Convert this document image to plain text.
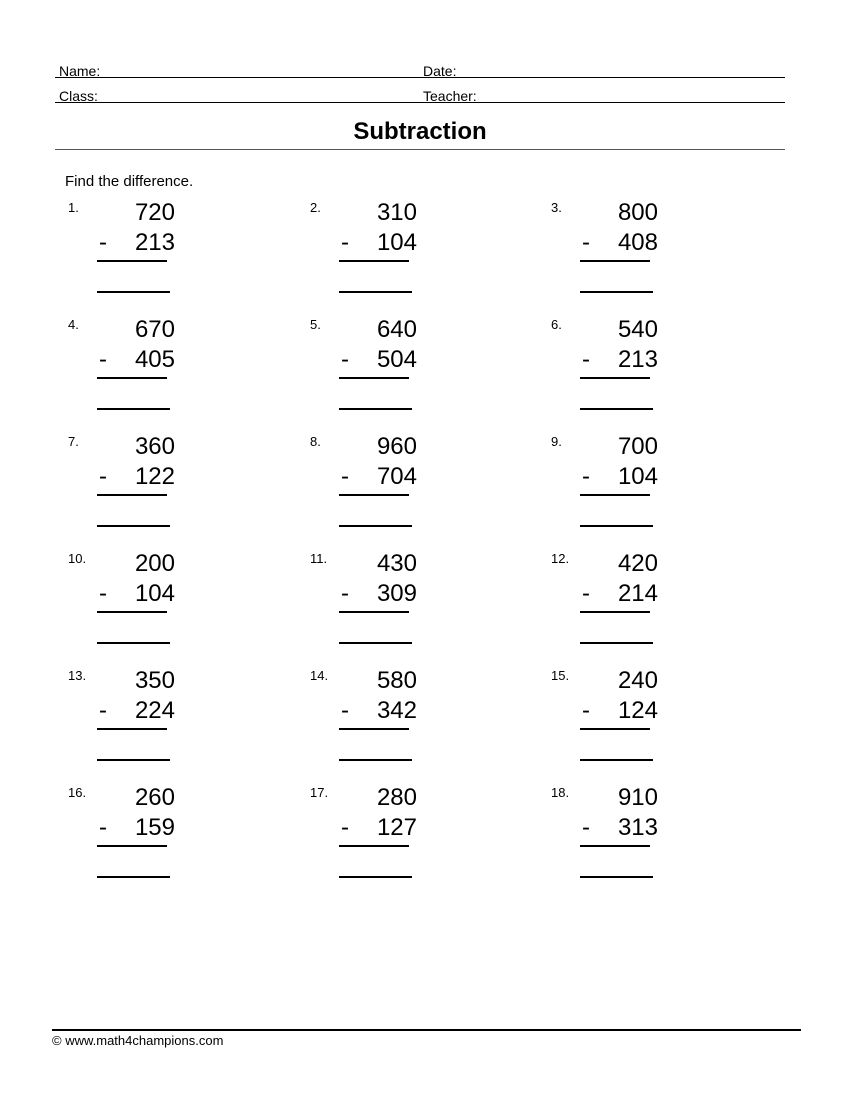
Name:	Date:
Class:	Teacher:
Subtraction
Find the difference.
1. 720
- 213
2. 310
- 104
3. 800
- 408
4. 670
- 405
5. 640
- 504
6. 540
- 213
7. 360
- 122
8. 960
- 704
9. 700
- 104
10. 200
- 104
11. 430
- 309
12. 420
- 214
13. 350
- 224
14. 580
- 342
15. 240
- 124
16. 260
- 159
17. 280
- 127
18. 910
- 313
© www.math4champions.com
